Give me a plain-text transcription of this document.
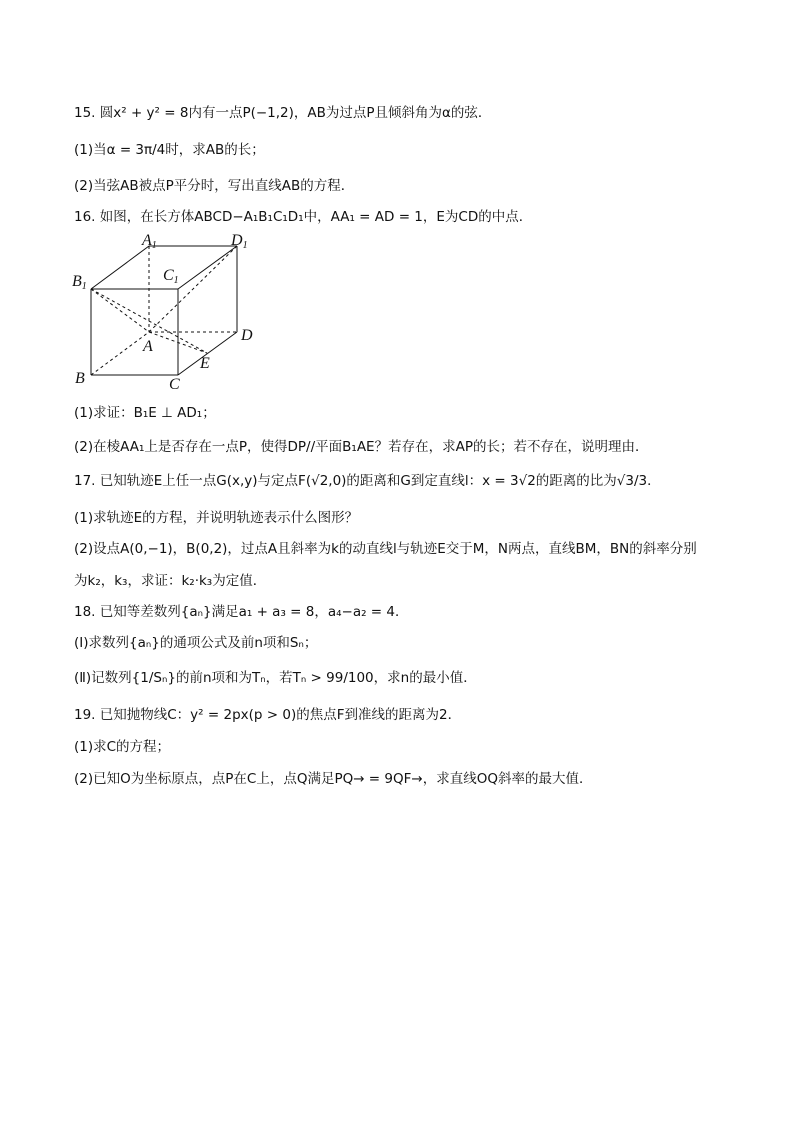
15. 圆x² + y² = 8内有一点P(−1,2)，AB为过点P且倾斜角为α的弦．
(1)当α = 3π/4时，求AB的长；
(2)当弦AB被点P平分时，写出直线AB的方程．
16. 如图，在长方体ABCD−A₁B₁C₁D₁中，AA₁ = AD = 1，E为CD的中点．
A1	D1
C1
B1
A
B	C
D
E
(1)求证：B₁E ⊥ AD₁；
(2)在棱AA₁上是否存在一点P，使得DP//平面B₁AE？若存在，求AP的长；若不存在，说明理由．
17. 已知轨迹E上任一点G(x,y)与定点F(√2,0)的距离和G到定直线l：x = 3√2的距离的比为√3/3．
(1)求轨迹E的方程，并说明轨迹表示什么图形？
(2)设点A(0,−1)，B(0,2)，过点A且斜率为k的动直线l与轨迹E交于M，N两点，直线BM，BN的斜率分别
为k₂，k₃，求证：k₂·k₃为定值．
18. 已知等差数列{aₙ}满足a₁ + a₃ = 8，a₄−a₂ = 4．
(Ⅰ)求数列{aₙ}的通项公式及前n项和Sₙ；
(Ⅱ)记数列{1/Sₙ}的前n项和为Tₙ，若Tₙ > 99/100，求n的最小值．
19. 已知抛物线C：y² = 2px(p > 0)的焦点F到准线的距离为2．
(1)求C的方程；
(2)已知O为坐标原点，点P在C上，点Q满足PQ→ = 9QF→，求直线OQ斜率的最大值．
